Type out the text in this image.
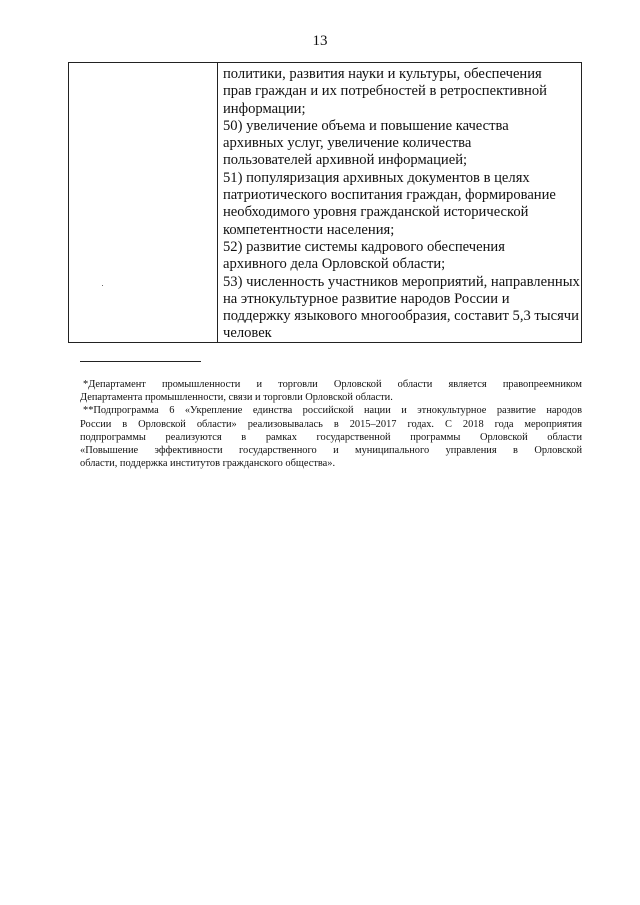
13
политики, развития науки и культуры, обеспечения
прав граждан и их потребностей в ретроспективной
информации;
50) увеличение объема и повышение качества
архивных услуг, увеличение количества
пользователей архивной информацией;
51) популяризация архивных документов в целях
патриотического воспитания граждан, формирование
необходимого уровня гражданской исторической
компетентности населения;
52) развитие системы кадрового обеспечения
архивного дела Орловской области;
53) численность участников мероприятий, направленных
на этнокультурное развитие народов России и
поддержку языкового многообразия, составит 5,3 тысячи
человек
*Департамент промышленности и торговли Орловской области является правопреемником
Департамента промышленности, связи и торговли Орловской области.
**Подпрограмма 6 «Укрепление единства российской нации и этнокультурное развитие народов
России в Орловской области» реализовывалась в 2015–2017 годах. С 2018 года мероприятия
подпрограммы реализуются в рамках государственной программы Орловской области
«Повышение эффективности государственного и муниципального управления в Орловской
области, поддержка институтов гражданского общества».
